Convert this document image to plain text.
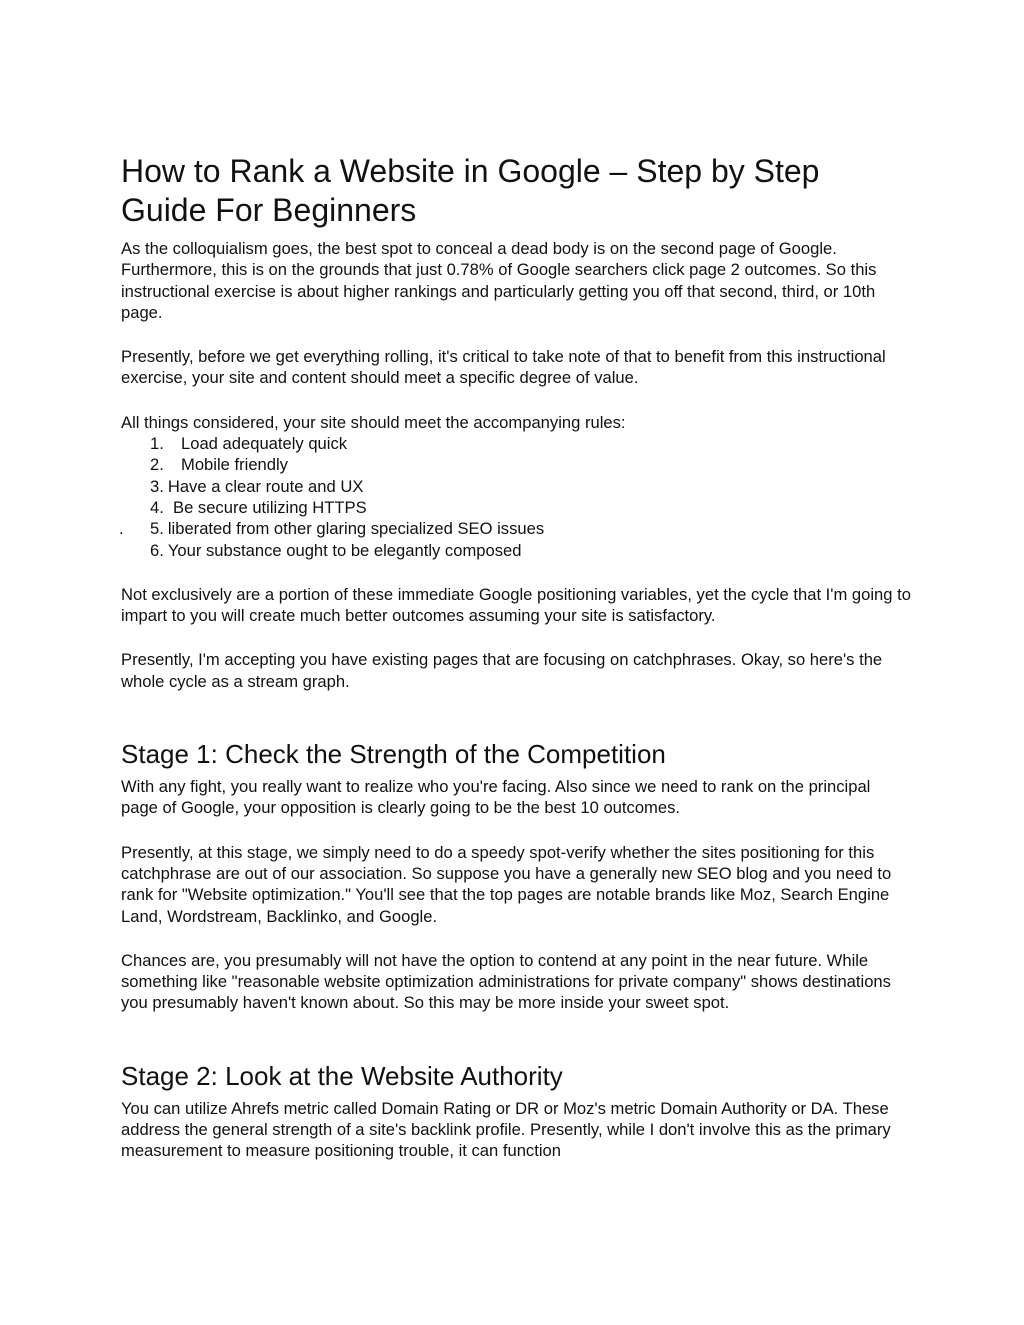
How to Rank a Website in Google – Step by Step Guide For Beginners

As the colloquialism goes, the best spot to conceal a dead body is on the second page of Google. Furthermore, this is on the grounds that just 0.78% of Google searchers click page 2 outcomes. So this instructional exercise is about higher rankings and particularly getting you off that second, third, or 10th page.

Presently, before we get everything rolling, it's critical to take note of that to benefit from this instructional exercise, your site and content should meet a specific degree of value.

All things considered, your site should meet the accompanying rules:

1. Load adequately quick
2. Mobile friendly
3. Have a clear route and UX
4. Be secure utilizing HTTPS
. 5. liberated from other glaring specialized SEO issues
6. Your substance ought to be elegantly composed

Not exclusively are a portion of these immediate Google positioning variables, yet the cycle that I'm going to impart to you will create much better outcomes assuming your site is satisfactory.

Presently, I'm accepting you have existing pages that are focusing on catchphrases. Okay, so here's the whole cycle as a stream graph.

Stage 1: Check the Strength of the Competition

With any fight, you really want to realize who you're facing. Also since we need to rank on the principal page of Google, your opposition is clearly going to be the best 10 outcomes.

Presently, at this stage, we simply need to do a speedy spot-verify whether the sites positioning for this catchphrase are out of our association. So suppose you have a generally new SEO blog and you need to rank for "Website optimization." You'll see that the top pages are notable brands like Moz, Search Engine Land, Wordstream, Backlinko, and Google.

Chances are, you presumably will not have the option to contend at any point in the near future. While something like "reasonable website optimization administrations for private company" shows destinations you presumably haven't known about. So this may be more inside your sweet spot.

Stage 2: Look at the Website Authority

You can utilize Ahrefs metric called Domain Rating or DR or Moz's metric Domain Authority or DA. These address the general strength of a site's backlink profile. Presently, while I don't involve this as the primary measurement to measure positioning trouble, it can function
